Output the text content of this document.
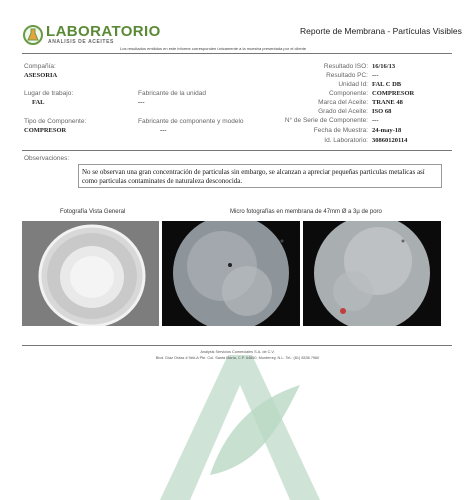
LABORATORIO
ANALISIS DE ACEITES
Reporte de Membrana - Partículas Visibles
Los resultados emitidos en este informe corresponden únicamente a la muestra presentada por el cliente
Compañía:
ASESORIA
Lugar de trabajo:
FAL
Fabricante de la unidad
---
Tipo de Componente:
COMPRESOR
Fabricante de componente y modelo
---
Resultado ISO: 16/16/13
Resultado PC: ---
Unidad Id: FAL C DB
Componente: COMPRESOR
Marca del Aceite: TRANE 48
Grado del Aceite: ISO 68
N° de Serie de Componente: ---
Fecha de Muestra: 24-may-18
Id. Laboratorio: 30860120114
Observaciones:
No se observan una gran concentración de particulas sin embargo, se alcanzan a apreciar pequeñas particulas metalicas así como particulas contaminates de naturaleza desconocida.
Fotografía Vista General	Micro fotografías en membrana de 47mm Ø a 3µ de poro
Analysis Servicios Comerciales S.A. de C.V.
Blvd. Díaz Ordaz # 9##-A Pte. Col. Santa María, C.P. 64650, Monterrey, N.L. Tel.: (81) 8336 7960
